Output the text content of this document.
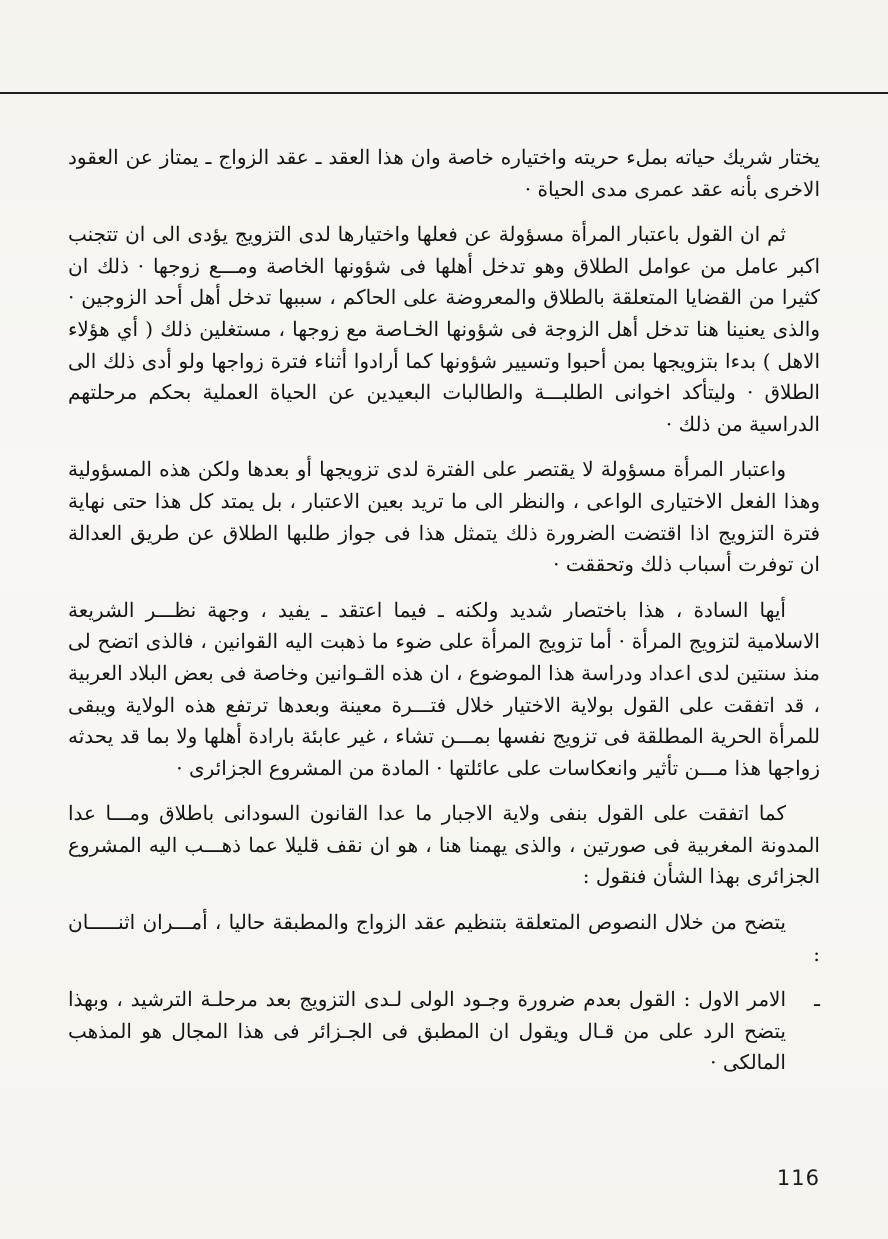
يختار شريك حياته بملء حريته واختياره خاصة وان هذا العقد ـ عقد الزواج ـ يمتاز عن العقود الاخرى بأنه عقد عمرى مدى الحياة ·

ثم ان القول باعتبار المرأة مسؤولة عن فعلها واختيارها لدى التزويج يؤدى الى ان تتجنب اكبر عامل من عوامل الطلاق وهو تدخل أهلها فى شؤونها الخاصة ومـــع زوجها · ذلك ان كثيرا من القضايا المتعلقة بالطلاق والمعروضة على الحاكم ، سببها تدخل أهل أحد الزوجين · والذى يعنينا هنا تدخل أهل الزوجة فى شؤونها الخـاصة مع زوجها ، مستغلين ذلك ( أي هؤلاء الاهل ) بدءا بتزويجها بمن أحبوا وتسيير شؤونها كما أرادوا أثناء فترة زواجها ولو أدى ذلك الى الطلاق · وليتأكد اخوانى الطلبـــة والطالبات البعيدين عن الحياة العملية بحكم مرحلتهم الدراسية من ذلك ·

واعتبار المرأة مسؤولة لا يقتصر على الفترة لدى تزويجها أو بعدها ولكن هذه المسؤولية وهذا الفعل الاختيارى الواعى ، والنظر الى ما تريد بعين الاعتبار ، بل يمتد كل هذا حتى نهاية فترة التزويج اذا اقتضت الضرورة ذلك يتمثل هذا فى جواز طلبها الطلاق عن طريق العدالة ان توفرت أسباب ذلك وتحققت ·

أيها السادة ، هذا باختصار شديد ولكنه ـ فيما اعتقد ـ يفيد ، وجهة نظـــر الشريعة الاسلامية لتزويج المرأة · أما تزويج المرأة على ضوء ما ذهبت اليه القوانين ، فالذى اتضح لى منذ سنتين لدى اعداد ودراسة هذا الموضوع ، ان هذه القـوانين وخاصة فى بعض البلاد العربية ، قد اتفقت على القول بولاية الاختيار خلال فتـــرة معينة وبعدها ترتفع هذه الولاية ويبقى للمرأة الحرية المطلقة فى تزويج نفسها بمـــن تشاء ، غير عابئة بارادة أهلها ولا بما قد يحدثه زواجها هذا مـــن تأثير وانعكاسات على عائلتها · المادة من المشروع الجزائرى ·

كما اتفقت على القول بنفى ولاية الاجبار ما عدا القانون السودانى باطلاق ومـــا عدا المدونة المغربية فى صورتين ، والذى يهمنا هنا ، هو ان نقف قليلا عما ذهـــب اليه المشروع الجزائرى بهذا الشأن فنقول :

يتضح من خلال النصوص المتعلقة بتنظيم عقد الزواج والمطبقة حاليا ، أمـــران اثنـــــان :

ـ
الامر الاول : القول بعدم ضرورة وجـود الولى لـدى التزويج بعد مرحلـة الترشيد ، وبهذا يتضح الرد على من قـال ويقول ان المطبق فى الجـزائر فى هذا المجال هو المذهب المالكى ·

116
